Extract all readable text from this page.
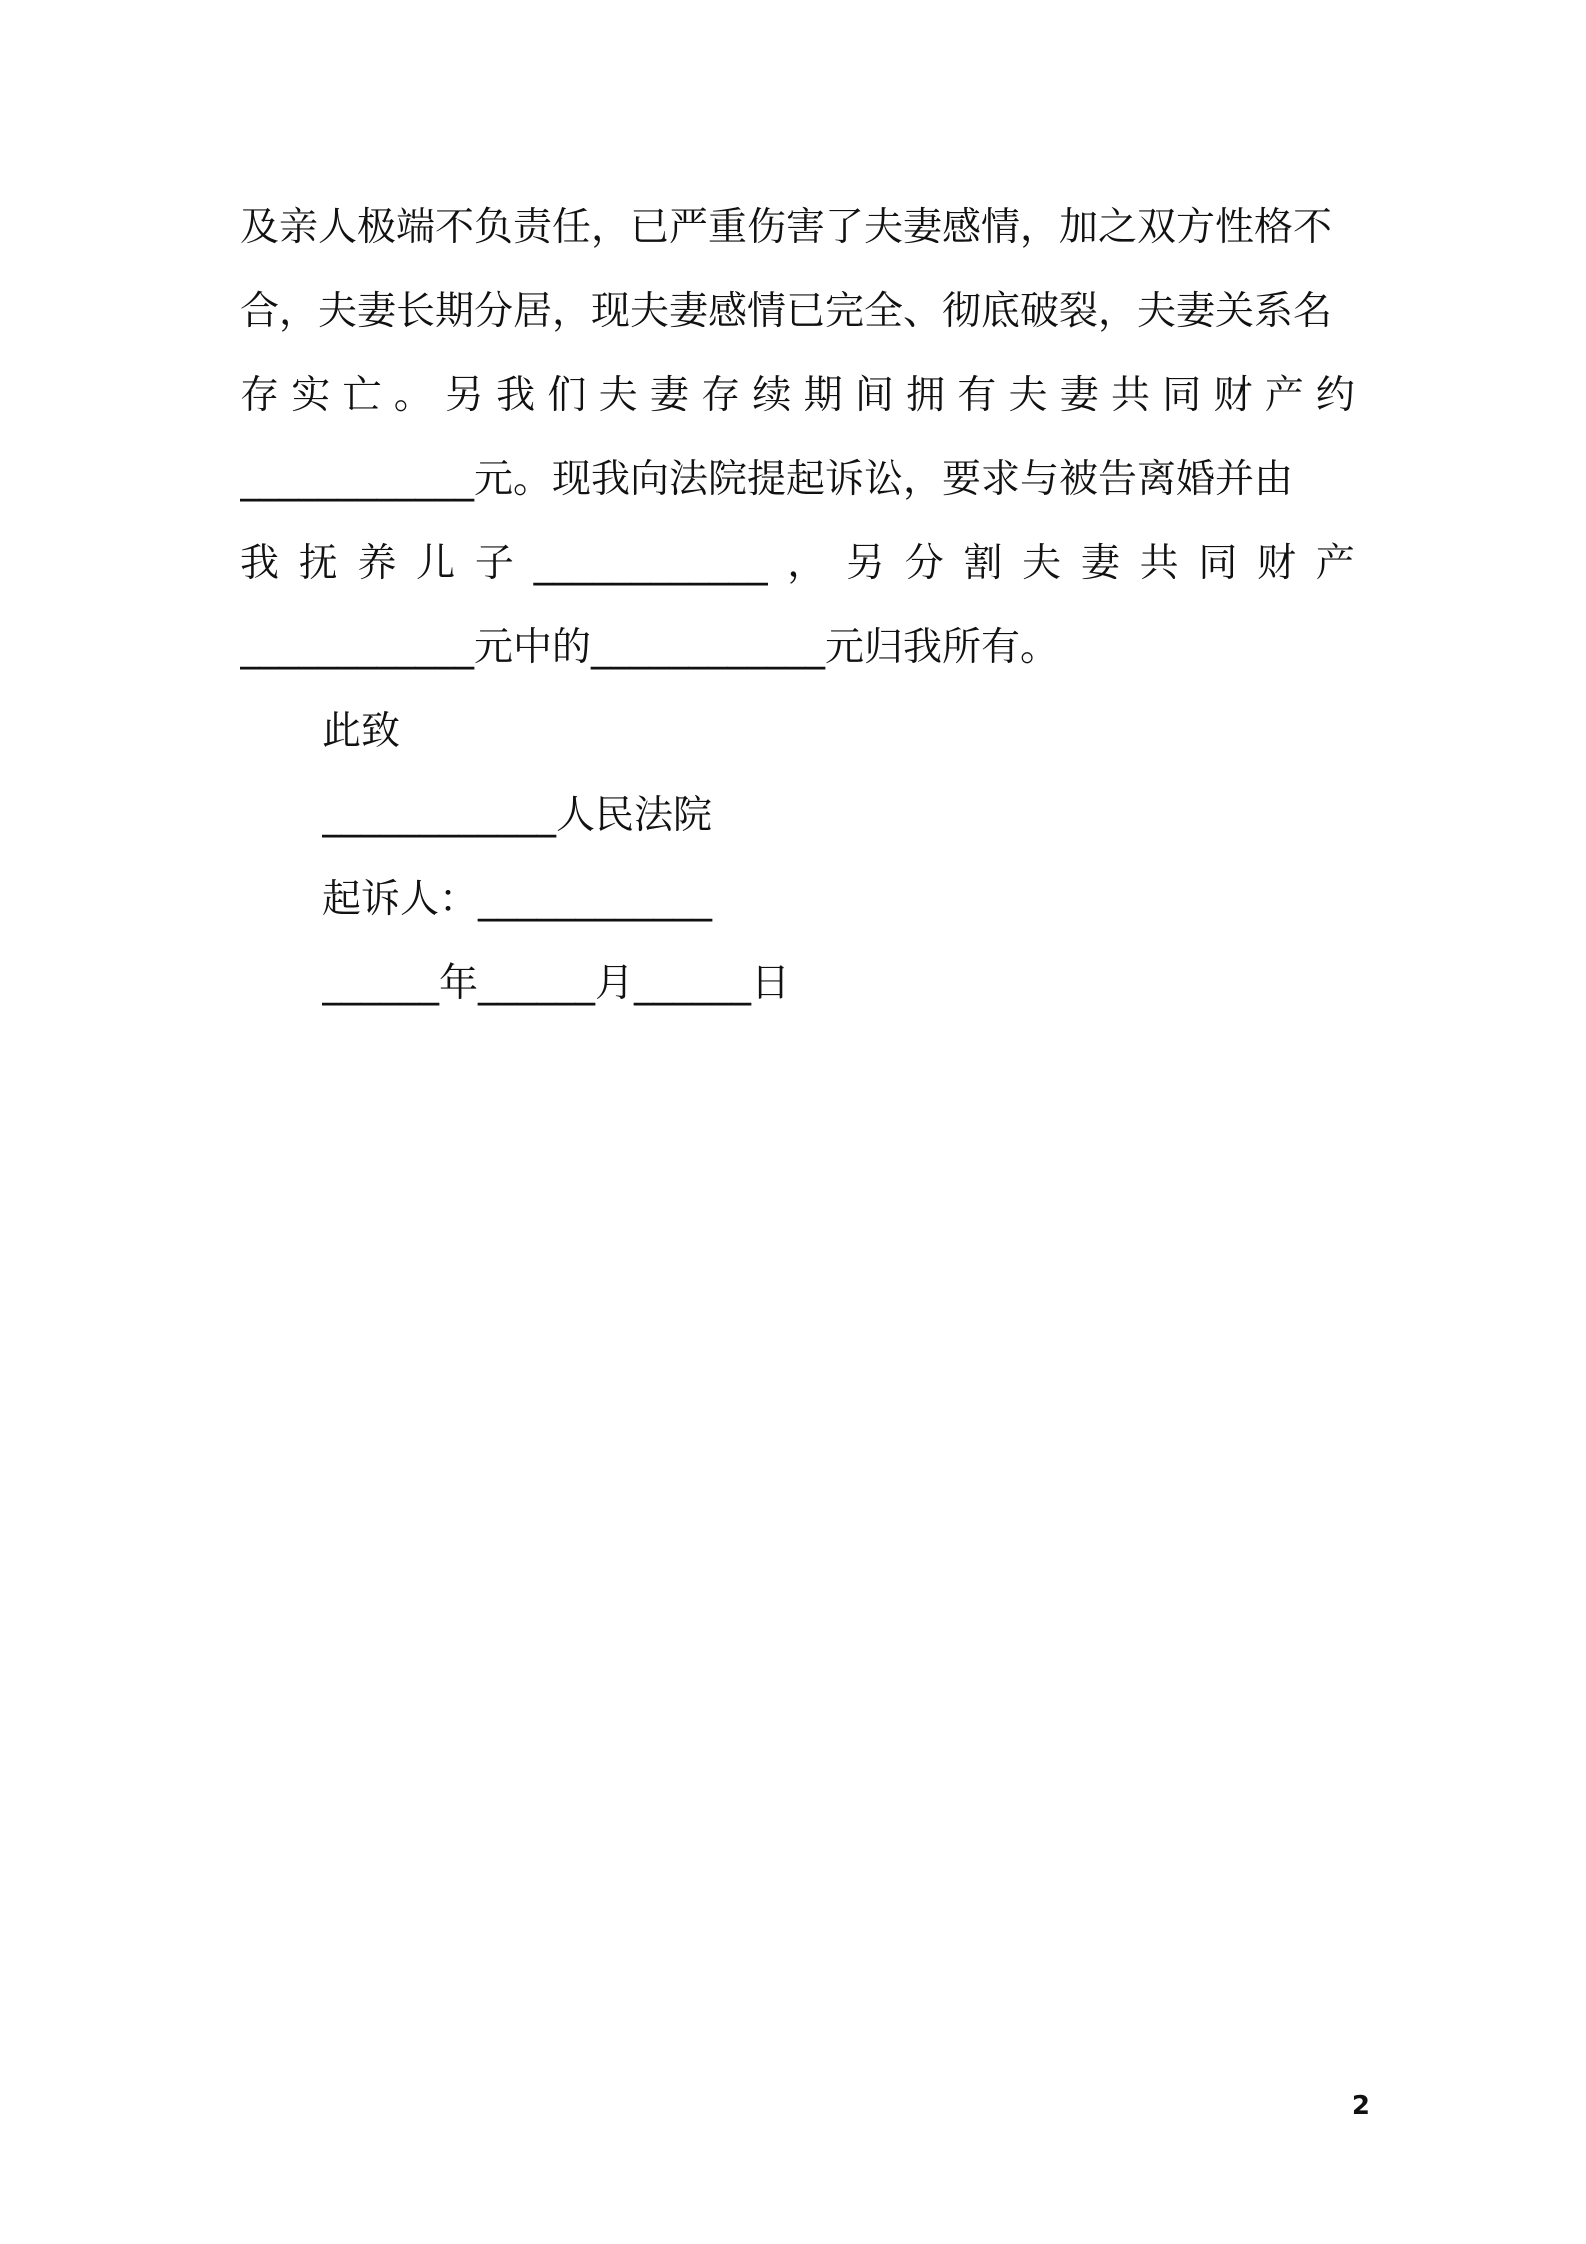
及亲人极端不负责任，已严重伤害了夫妻感情，加之双方性格不
合，夫妻长期分居，现夫妻感情已完全、彻底破裂，夫妻关系名
存 实 亡 。 另 我 们 夫 妻 存 续 期 间 拥 有 夫 妻 共 同 财 产 约
____________元。现我向法院提起诉讼，要求与被告离婚并由
我 抚 养 儿 子 ____________ ， 另 分 割 夫 妻 共 同 财 产
____________元中的____________元归我所有。
此致
____________人民法院
起诉人：____________
______年______月______日
2
